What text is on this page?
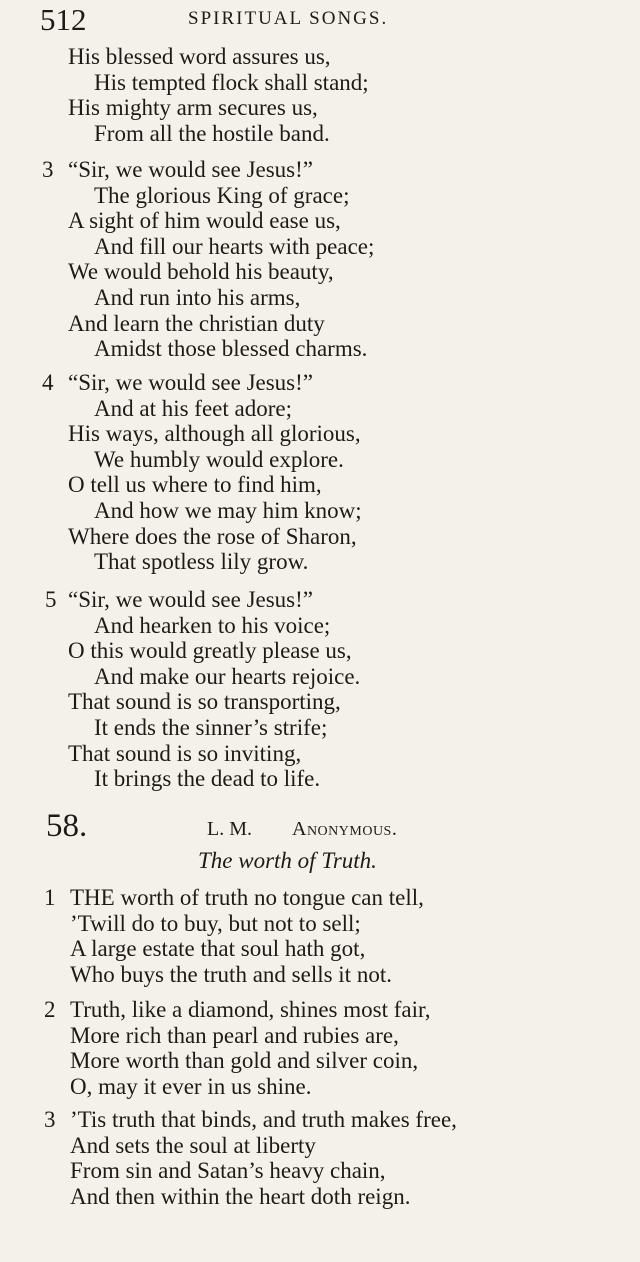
512	SPIRITUAL SONGS.
His blessed word assures us,
His tempted flock shall stand;
His mighty arm secures us,
From all the hostile band.
3 “Sir, we would see Jesus!”
The glorious King of grace;
A sight of him would ease us,
And fill our hearts with peace;
We would behold his beauty,
And run into his arms,
And learn the christian duty
Amidst those blessed charms.
4 “Sir, we would see Jesus!”
And at his feet adore;
His ways, although all glorious,
We humbly would explore.
O tell us where to find him,
And how we may him know;
Where does the rose of Sharon,
That spotless lily grow.
5 “Sir, we would see Jesus!”
And hearken to his voice;
O this would greatly please us,
And make our hearts rejoice.
That sound is so transporting,
It ends the sinner’s strife;
That sound is so inviting,
It brings the dead to life.
58.	L. M. Anonymous.
The worth of Truth.
1 THE worth of truth no tongue can tell,
’Twill do to buy, but not to sell;
A large estate that soul hath got,
Who buys the truth and sells it not.
2 Truth, like a diamond, shines most fair,
More rich than pearl and rubies are,
More worth than gold and silver coin,
O, may it ever in us shine.
3 ’Tis truth that binds, and truth makes free,
And sets the soul at liberty
From sin and Satan’s heavy chain,
And then within the heart doth reign.
